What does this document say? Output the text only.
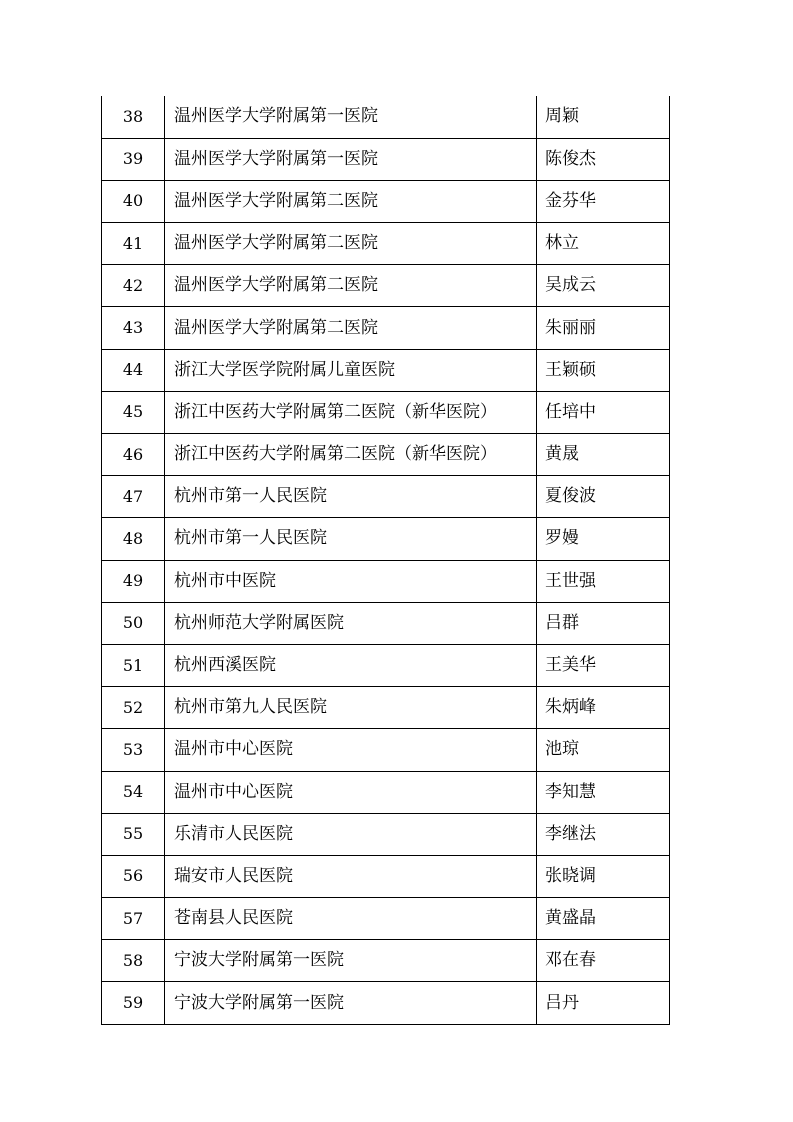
38	温州医学大学附属第一医院	周颖
39	温州医学大学附属第一医院	陈俊杰
40	温州医学大学附属第二医院	金芬华
41	温州医学大学附属第二医院	林立
42	温州医学大学附属第二医院	吴成云
43	温州医学大学附属第二医院	朱丽丽
44	浙江大学医学院附属儿童医院	王颖硕
45	浙江中医药大学附属第二医院（新华医院）	任培中
46	浙江中医药大学附属第二医院（新华医院）	黄晟
47	杭州市第一人民医院	夏俊波
48	杭州市第一人民医院	罗嫚
49	杭州市中医院	王世强
50	杭州师范大学附属医院	吕群
51	杭州西溪医院	王美华
52	杭州市第九人民医院	朱炳峰
53	温州市中心医院	池琼
54	温州市中心医院	李知慧
55	乐清市人民医院	李继法
56	瑞安市人民医院	张晓调
57	苍南县人民医院	黄盛晶
58	宁波大学附属第一医院	邓在春
59	宁波大学附属第一医院	吕丹
